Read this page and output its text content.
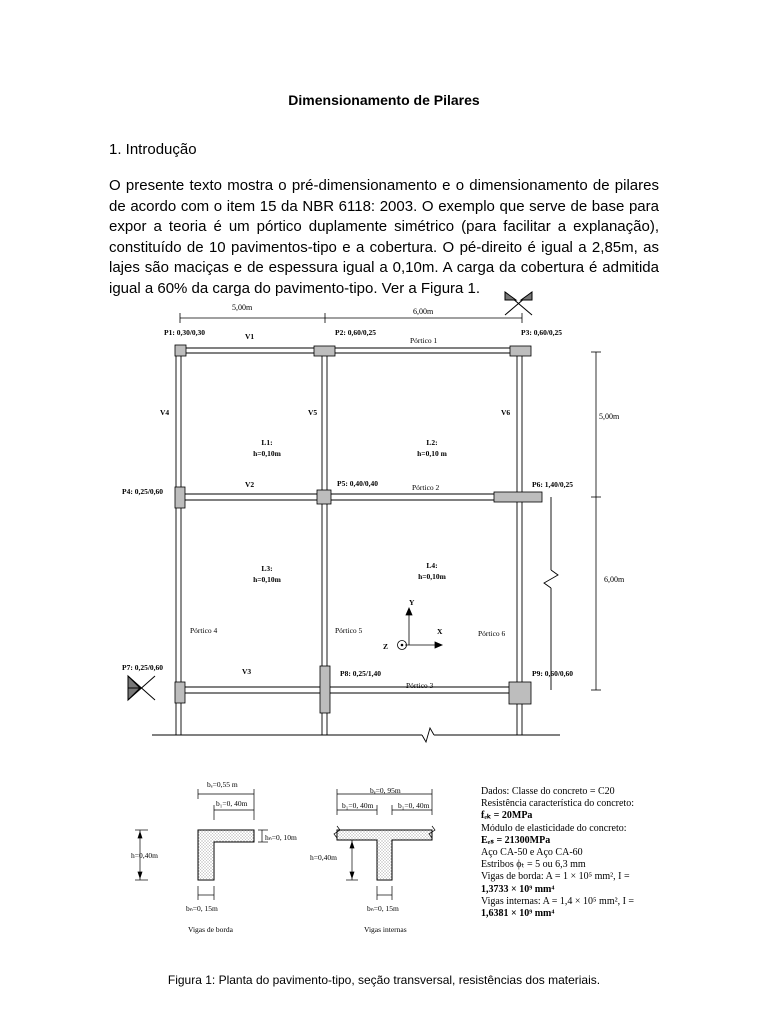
Dimensionamento de Pilares
1. Introdução
O presente texto mostra o pré-dimensionamento e o dimensionamento de pilares de acordo com o item 15 da NBR 6118: 2003. O exemplo que serve de base para expor a teoria é um pórtico duplamente simétrico (para facilitar a explanação), constituído de 10 pavimentos-tipo e a cobertura. O pé-direito é igual a 2,85m, as lajes são maciças e de espessura igual a 0,10m. A carga da cobertura é admitida igual a 60% da carga do pavimento-tipo. Ver a Figura 1.
5,00m	6,00m
5,00m
6,00m
P1: 0,30/0,30	P2: 0,60/0,25	P3: 0,60/0,25
P4: 0,25/0,60
P5: 0,40/0,40	P6: 1,40/0,25
P7: 0,25/0,60
P8: 0,25/1,40	P9: 0,60/0,60
V1
V2
V3
V4	V5	V6
Pórtico 1
Pórtico 2
Pórtico 3
Pórtico 4	Pórtico 5	Pórtico 6
L1:
h=0,10m
L2:
h=0,10 m
L3:
h=0,10m
L4:
h=0,10m
Y
X
Z
bₑ=0,55 m
b₁=0, 40m
hₙ=0, 10m
h=0,40m
bₙ=0, 15m
Vigas de borda
bₑ=0, 95m
b₁=0, 40m	b₁=0, 40m
h=0,40m
bₙ=0, 15m
Vigas internas
Dados: Classe do concreto = C20
Resistência característica do concreto:
fₑₖ = 20MPa
Módulo de elasticidade do concreto:
Eₑₛ = 21300MPa
Aço CA-50 e Aço CA-60
Estribos ϕₜ = 5 ou 6,3 mm
Vigas de borda: A = 1 × 10⁵ mm², I =
1,3733 × 10⁹ mm⁴
Vigas internas: A = 1,4 × 10⁵ mm², I =
1,6381 × 10⁹ mm⁴
Figura 1: Planta do pavimento-tipo, seção transversal, resistências dos materiais.
